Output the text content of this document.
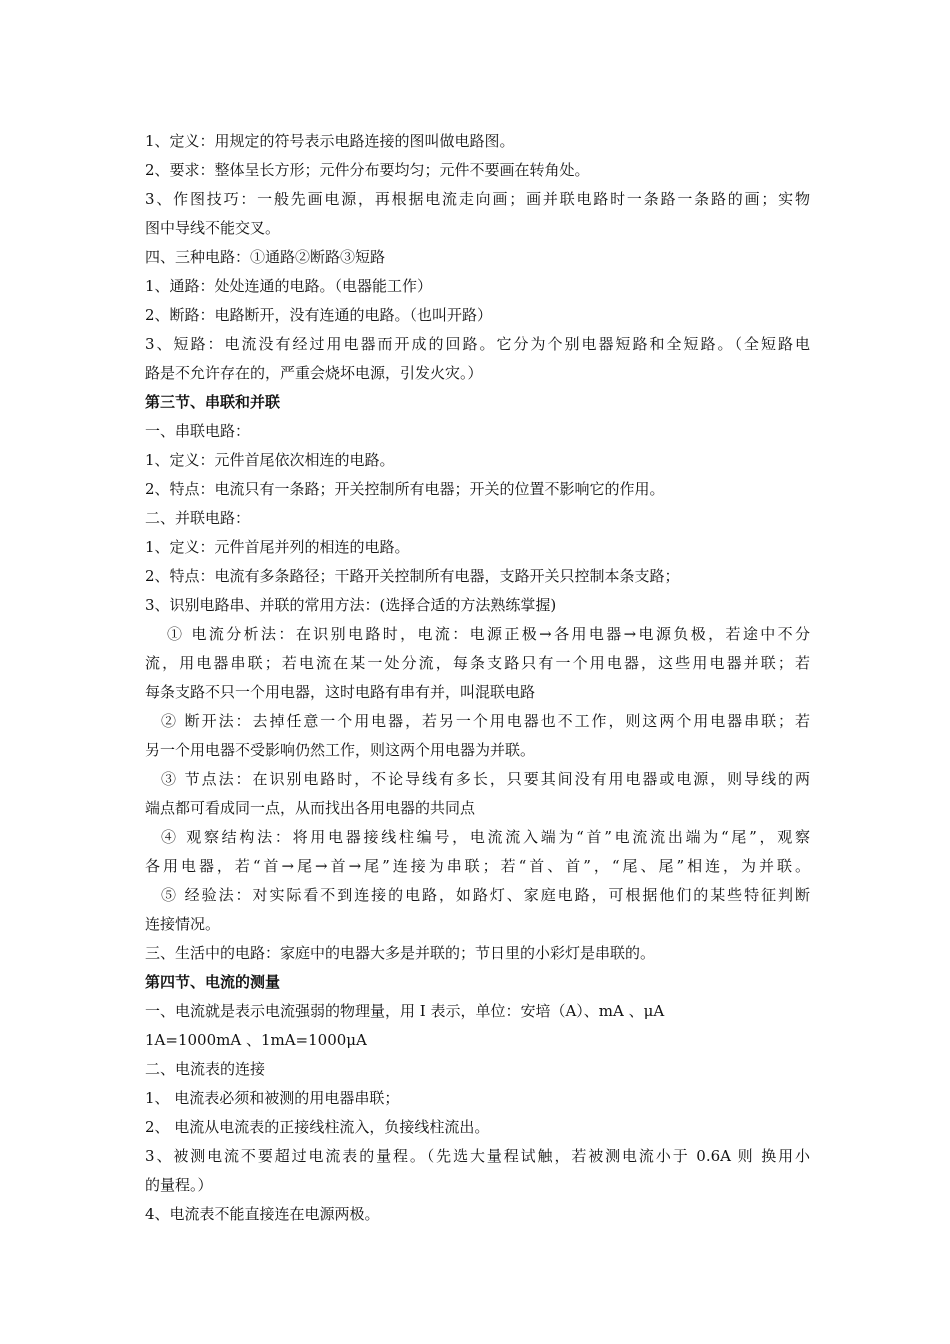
1、定义：用规定的符号表示电路连接的图叫做电路图。
2、要求：整体呈长方形；元件分布要均匀；元件不要画在转角处。
3、作图技巧：一般先画电源，再根据电流走向画；画并联电路时一条路一条路的画；实物
图中导线不能交叉。
四、三种电路：①通路②断路③短路
1、通路：处处连通的电路。（电器能工作）
2、断路：电路断开，没有连通的电路。（也叫开路）
3、短路：电流没有经过用电器而开成的回路。它分为个别电器短路和全短路。（全短路电
路是不允许存在的，严重会烧坏电源，引发火灾。）
第三节、串联和并联
一、串联电路：
1、定义：元件首尾依次相连的电路。
2、特点：电流只有一条路；开关控制所有电器；开关的位置不影响它的作用。
二、并联电路：
1、定义：元件首尾并列的相连的电路。
2、特点：电流有多条路径；干路开关控制所有电器，支路开关只控制本条支路；
3、识别电路串、并联的常用方法：(选择合适的方法熟练掌握)
① 电流分析法：在识别电路时，电流：电源正极→各用电器→电源负极，若途中不分
流，用电器串联；若电流在某一处分流，每条支路只有一个用电器，这些用电器并联；若
每条支路不只一个用电器，这时电路有串有并，叫混联电路
② 断开法：去掉任意一个用电器，若另一个用电器也不工作，则这两个用电器串联；若
另一个用电器不受影响仍然工作，则这两个用电器为并联。
③ 节点法：在识别电路时，不论导线有多长，只要其间没有用电器或电源，则导线的两
端点都可看成同一点，从而找出各用电器的共同点
④ 观察结构法：将用电器接线柱编号，电流流入端为“首”电流流出端为“尾”，观察
各用电器，若“首→尾→首→尾”连接为串联；若“首、首”，“尾、尾”相连，为并联。
⑤ 经验法：对实际看不到连接的电路，如路灯、家庭电路，可根据他们的某些特征判断
连接情况。
三、生活中的电路：家庭中的电器大多是并联的；节日里的小彩灯是串联的。
第四节、电流的测量
一、电流就是表示电流强弱的物理量，用 I 表示，单位：安培（A）、mA 、μA
1A=1000mA 、1mA=1000μA
二、电流表的连接
1、 电流表必须和被测的用电器串联；
2、 电流从电流表的正接线柱流入，负接线柱流出。
3、被测电流不要超过电流表的量程。（先选大量程试触，若被测电流小于 0.6A 则 换用小
的量程。）
4、电流表不能直接连在电源两极。
